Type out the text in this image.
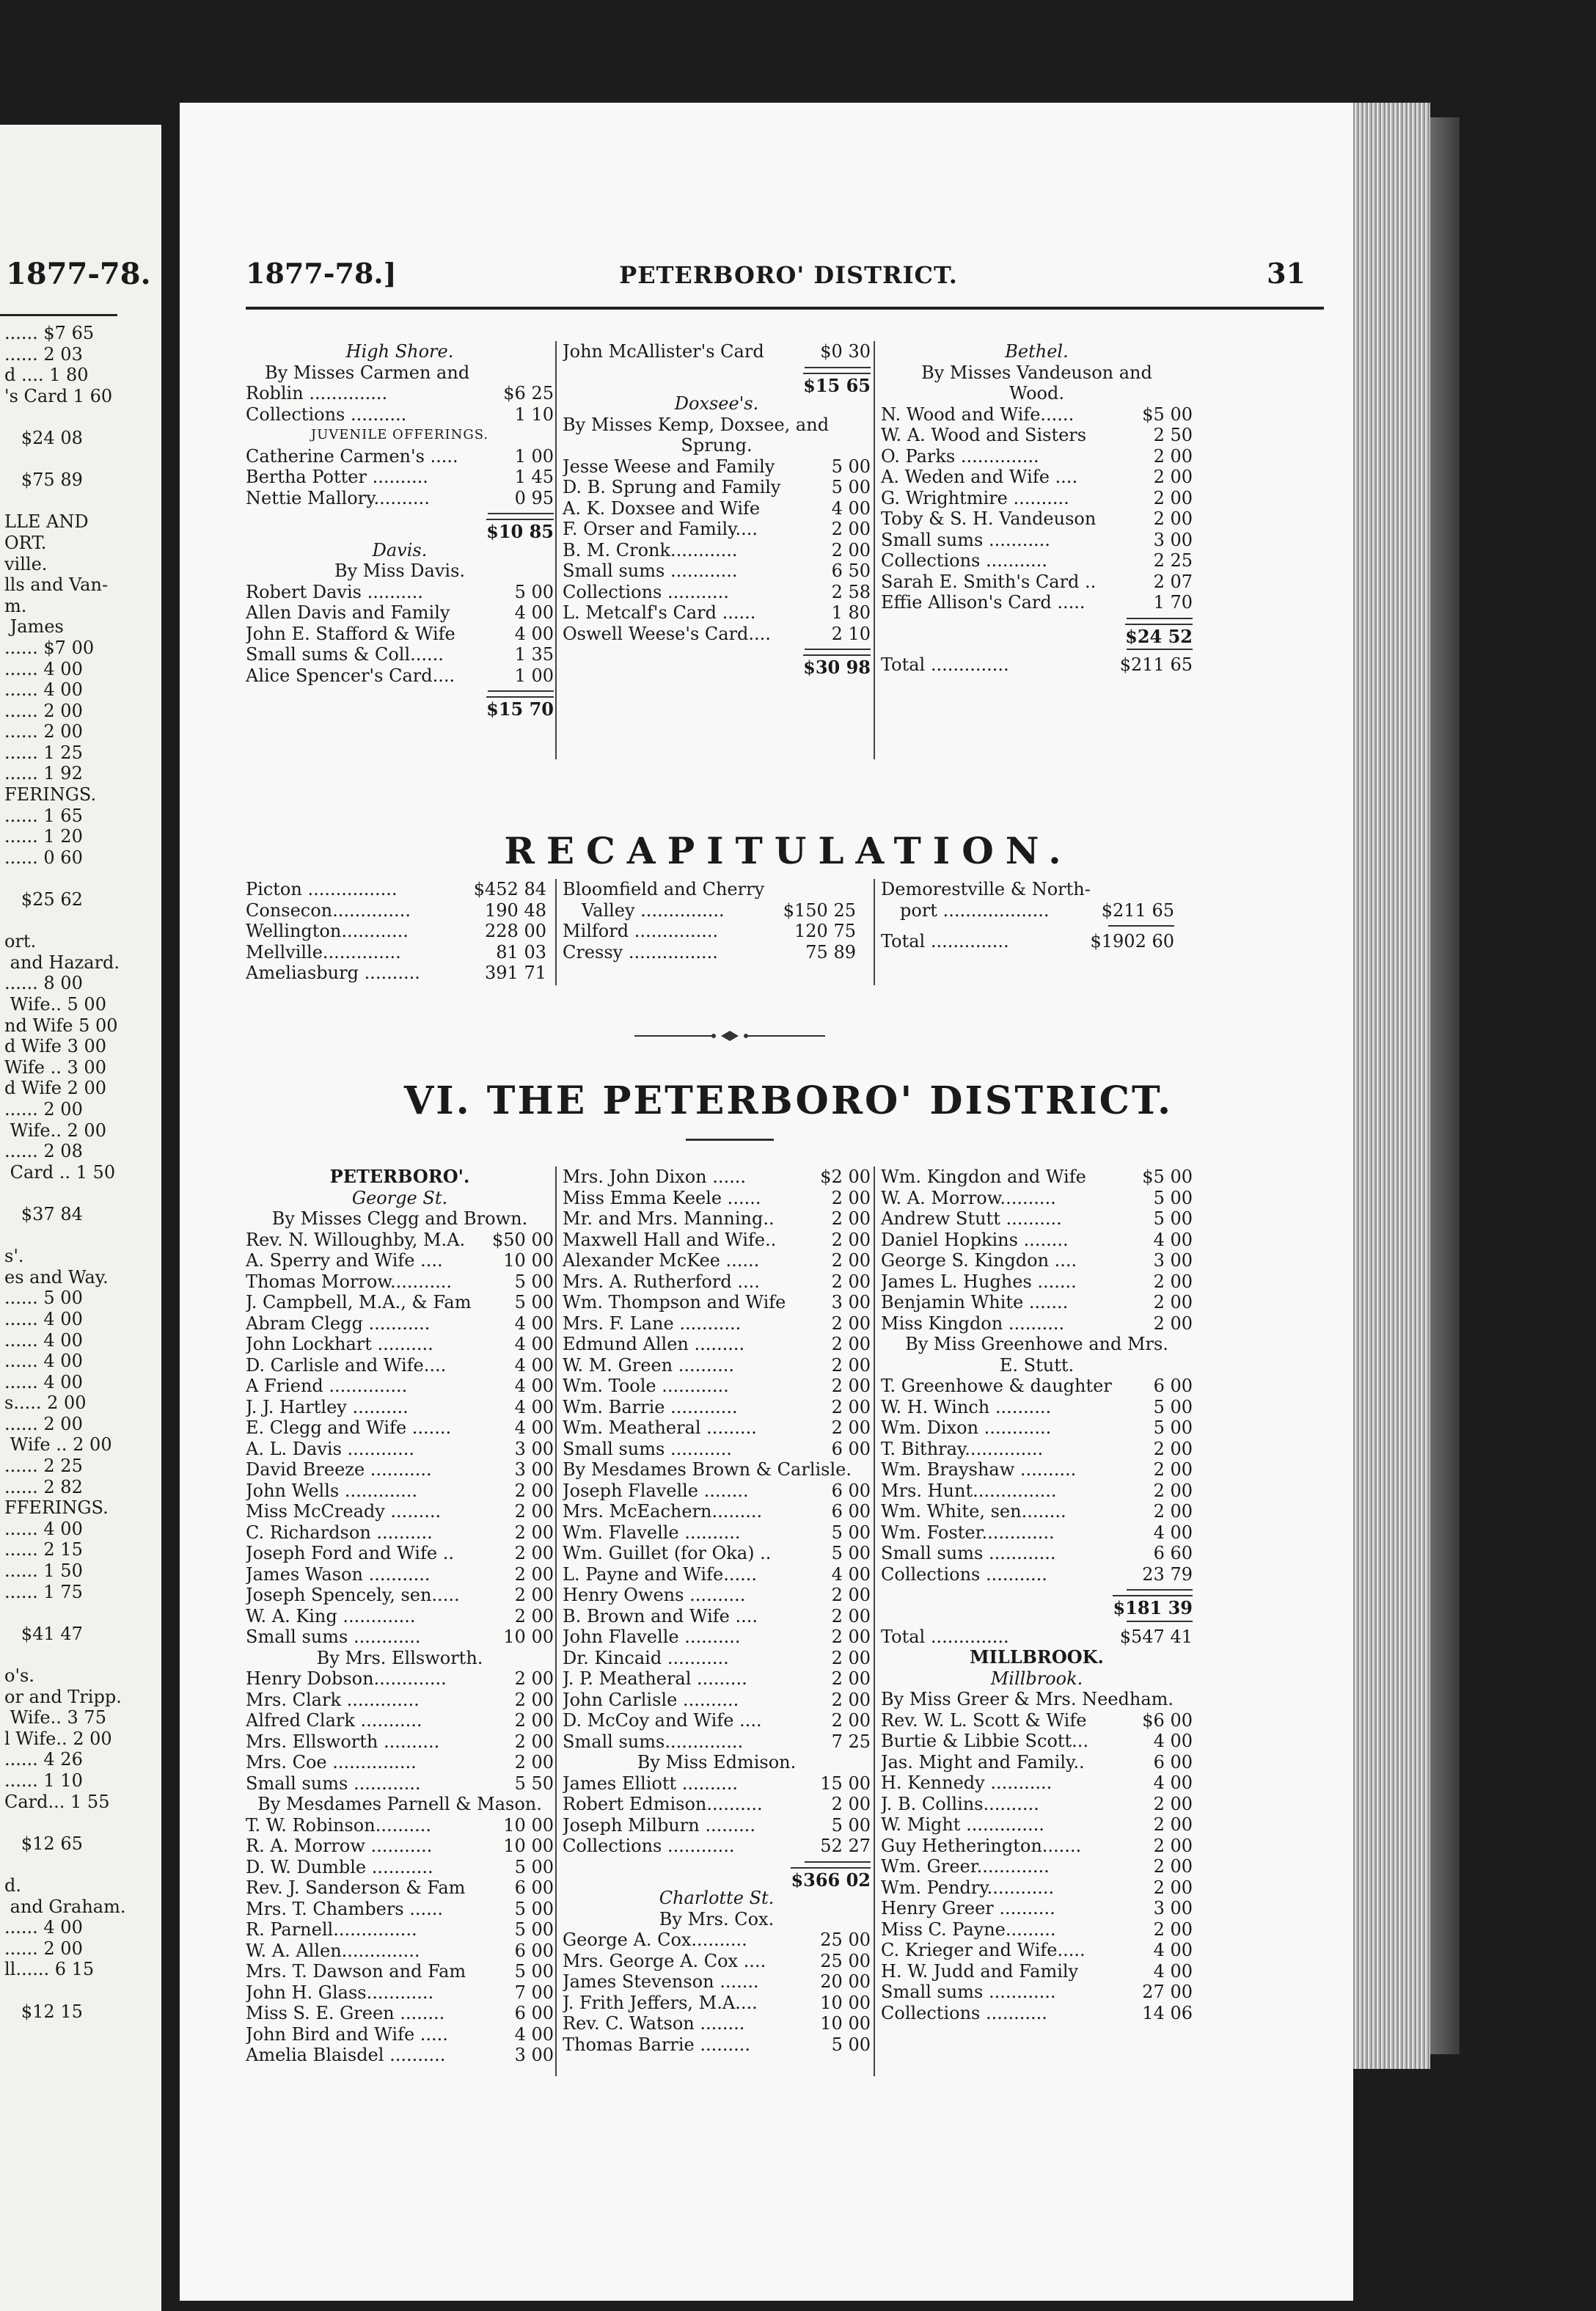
1877-78.
...... $7 65
...... 2 03
d .... 1 80
's Card 1 60

$24 08

$75 89

LLE AND
ORT.
ville.
lls and Van-
m.
James
...... $7 00
...... 4 00
...... 4 00
...... 2 00
...... 2 00
...... 1 25
...... 1 92
FERINGS.
...... 1 65
...... 1 20
...... 0 60

$25 62

ort.
and Hazard.
...... 8 00
Wife.. 5 00
nd Wife 5 00
d Wife 3 00
Wife .. 3 00
d Wife 2 00
...... 2 00
Wife.. 2 00
...... 2 08
Card .. 1 50

$37 84

s'.
es and Way.
...... 5 00
...... 4 00
...... 4 00
...... 4 00
...... 4 00
s..... 2 00
...... 2 00
Wife .. 2 00
...... 2 25
...... 2 82
FFERINGS.
...... 4 00
...... 2 15
...... 1 50
...... 1 75

$41 47

o's.
or and Tripp.
Wife.. 3 75
l Wife.. 2 00
...... 4 26
...... 1 10
Card... 1 55

$12 65

d.
and Graham.
...... 4 00
...... 2 00
ll...... 6 15

$12 15
1877-78.]	PETERBORO' DISTRICT.	31
High Shore.
By Misses Carmen and
Roblin ..............	$6 25
Collections ..........	1 10
JUVENILE OFFERINGS.
Catherine Carmen's .....	1 00
Bertha Potter ..........	1 45
Nettie Mallory..........	0 95
$10 85
Davis.
By Miss Davis.
Robert Davis ..........	5 00
Allen Davis and Family	4 00
John E. Stafford & Wife	4 00
Small sums & Coll......	1 35
Alice Spencer's Card....	1 00
$15 70
John McAllister's Card	$0 30
$15 65
Doxsee's.
By Misses Kemp, Doxsee, and
Sprung.
Jesse Weese and Family	5 00
D. B. Sprung and Family	5 00
A. K. Doxsee and Wife	4 00
F. Orser and Family....	2 00
B. M. Cronk............	2 00
Small sums ............	6 50
Collections ...........	2 58
L. Metcalf's Card ......	1 80
Oswell Weese's Card....	2 10
$30 98
Bethel.
By Misses Vandeuson and
Wood.
N. Wood and Wife......	$5 00
W. A. Wood and Sisters	2 50
O. Parks ..............	2 00
A. Weden and Wife ....	2 00
G. Wrightmire ..........	2 00
Toby & S. H. Vandeuson	2 00
Small sums ...........	3 00
Collections ...........	2 25
Sarah E. Smith's Card ..	2 07
Effie Allison's Card .....	1 70
$24 52
Total ..............	$211 65
RECAPITULATION.
Picton ................	$452 84
Consecon..............	190 48
Wellington............	228 00
Mellville..............	81 03
Ameliasburg ..........	391 71
Bloomfield and Cherry
Valley ...............	$150 25
Milford ...............	120 75
Cressy ................	75 89
Demorestville & North-
port ...................	$211 65
Total ..............	$1902 60
VI. THE PETERBORO' DISTRICT.
PETERBORO'.
George St.
By Misses Clegg and Brown.
Rev. N. Willoughby, M.A. $50 00
A. Sperry and Wife ....	10 00
Thomas Morrow...........	5 00
J. Campbell, M.A., & Fam 5 00
Abram Clegg ...........	4 00
John Lockhart ..........	4 00
D. Carlisle and Wife....	4 00
A Friend ..............	4 00
J. J. Hartley ..........	4 00
E. Clegg and Wife .......	4 00
A. L. Davis ............	3 00
David Breeze ...........	3 00
John Wells .............	2 00
Miss McCready .........	2 00
C. Richardson ..........	2 00
Joseph Ford and Wife ..	2 00
James Wason ...........	2 00
Joseph Spencely, sen.....	2 00
W. A. King .............	2 00
Small sums ............	10 00
By Mrs. Ellsworth.
Henry Dobson.............	2 00
Mrs. Clark .............	2 00
Alfred Clark ...........	2 00
Mrs. Ellsworth ..........	2 00
Mrs. Coe ...............	2 00
Small sums ............	5 50
By Mesdames Parnell & Mason.
T. W. Robinson..........	10 00
R. A. Morrow ...........	10 00
D. W. Dumble ...........	5 00
Rev. J. Sanderson & Fam	6 00
Mrs. T. Chambers ......	5 00
R. Parnell...............	5 00
W. A. Allen..............	6 00
Mrs. T. Dawson and Fam	5 00
John H. Glass............	7 00
Miss S. E. Green ........	6 00
John Bird and Wife .....	4 00
Amelia Blaisdel ..........	3 00
Mrs. John Dixon ......	$2 00
Miss Emma Keele ......	2 00
Mr. and Mrs. Manning..	2 00
Maxwell Hall and Wife..	2 00
Alexander McKee ......	2 00
Mrs. A. Rutherford ....	2 00
Wm. Thompson and Wife	3 00
Mrs. F. Lane ...........	2 00
Edmund Allen .........	2 00
W. M. Green ..........	2 00
Wm. Toole ............	2 00
Wm. Barrie ............	2 00
Wm. Meatheral .........	2 00
Small sums ...........	6 00
By Mesdames Brown & Carlisle.
Joseph Flavelle ........	6 00
Mrs. McEachern.........	6 00
Wm. Flavelle ..........	5 00
Wm. Guillet (for Oka) ..	5 00
L. Payne and Wife......	4 00
Henry Owens ..........	2 00
B. Brown and Wife ....	2 00
John Flavelle ..........	2 00
Dr. Kincaid ...........	2 00
J. P. Meatheral .........	2 00
John Carlisle ..........	2 00
D. McCoy and Wife ....	2 00
Small sums..............	7 25
By Miss Edmison.
James Elliott ..........	15 00
Robert Edmison..........	2 00
Joseph Milburn .........	5 00
Collections ............	52 27
$366 02
Charlotte St.
By Mrs. Cox.
George A. Cox..........	25 00
Mrs. George A. Cox ....	25 00
James Stevenson .......	20 00
J. Frith Jeffers, M.A....	10 00
Rev. C. Watson ........	10 00
Thomas Barrie .........	5 00
Wm. Kingdon and Wife	$5 00
W. A. Morrow..........	5 00
Andrew Stutt ..........	5 00
Daniel Hopkins ........	4 00
George S. Kingdon ....	3 00
James L. Hughes .......	2 00
Benjamin White .......	2 00
Miss Kingdon ..........	2 00
By Miss Greenhowe and Mrs.
E. Stutt.
T. Greenhowe & daughter 6 00
W. H. Winch ..........	5 00
Wm. Dixon ............	5 00
T. Bithray..............	2 00
Wm. Brayshaw ..........	2 00
Mrs. Hunt...............	2 00
Wm. White, sen........	2 00
Wm. Foster.............	4 00
Small sums ............	6 60
Collections ...........	23 79
$181 39
Total ..............	$547 41
MILLBROOK.
Millbrook.
By Miss Greer & Mrs. Needham.
Rev. W. L. Scott & Wife	$6 00
Burtie & Libbie Scott...	4 00
Jas. Might and Family..	6 00
H. Kennedy ...........	4 00
J. B. Collins..........	2 00
W. Might ..............	2 00
Guy Hetherington.......	2 00
Wm. Greer.............	2 00
Wm. Pendry............	2 00
Henry Greer ..........	3 00
Miss C. Payne.........	2 00
C. Krieger and Wife.....	4 00
H. W. Judd and Family	4 00
Small sums ............	27 00
Collections ...........	14 06
